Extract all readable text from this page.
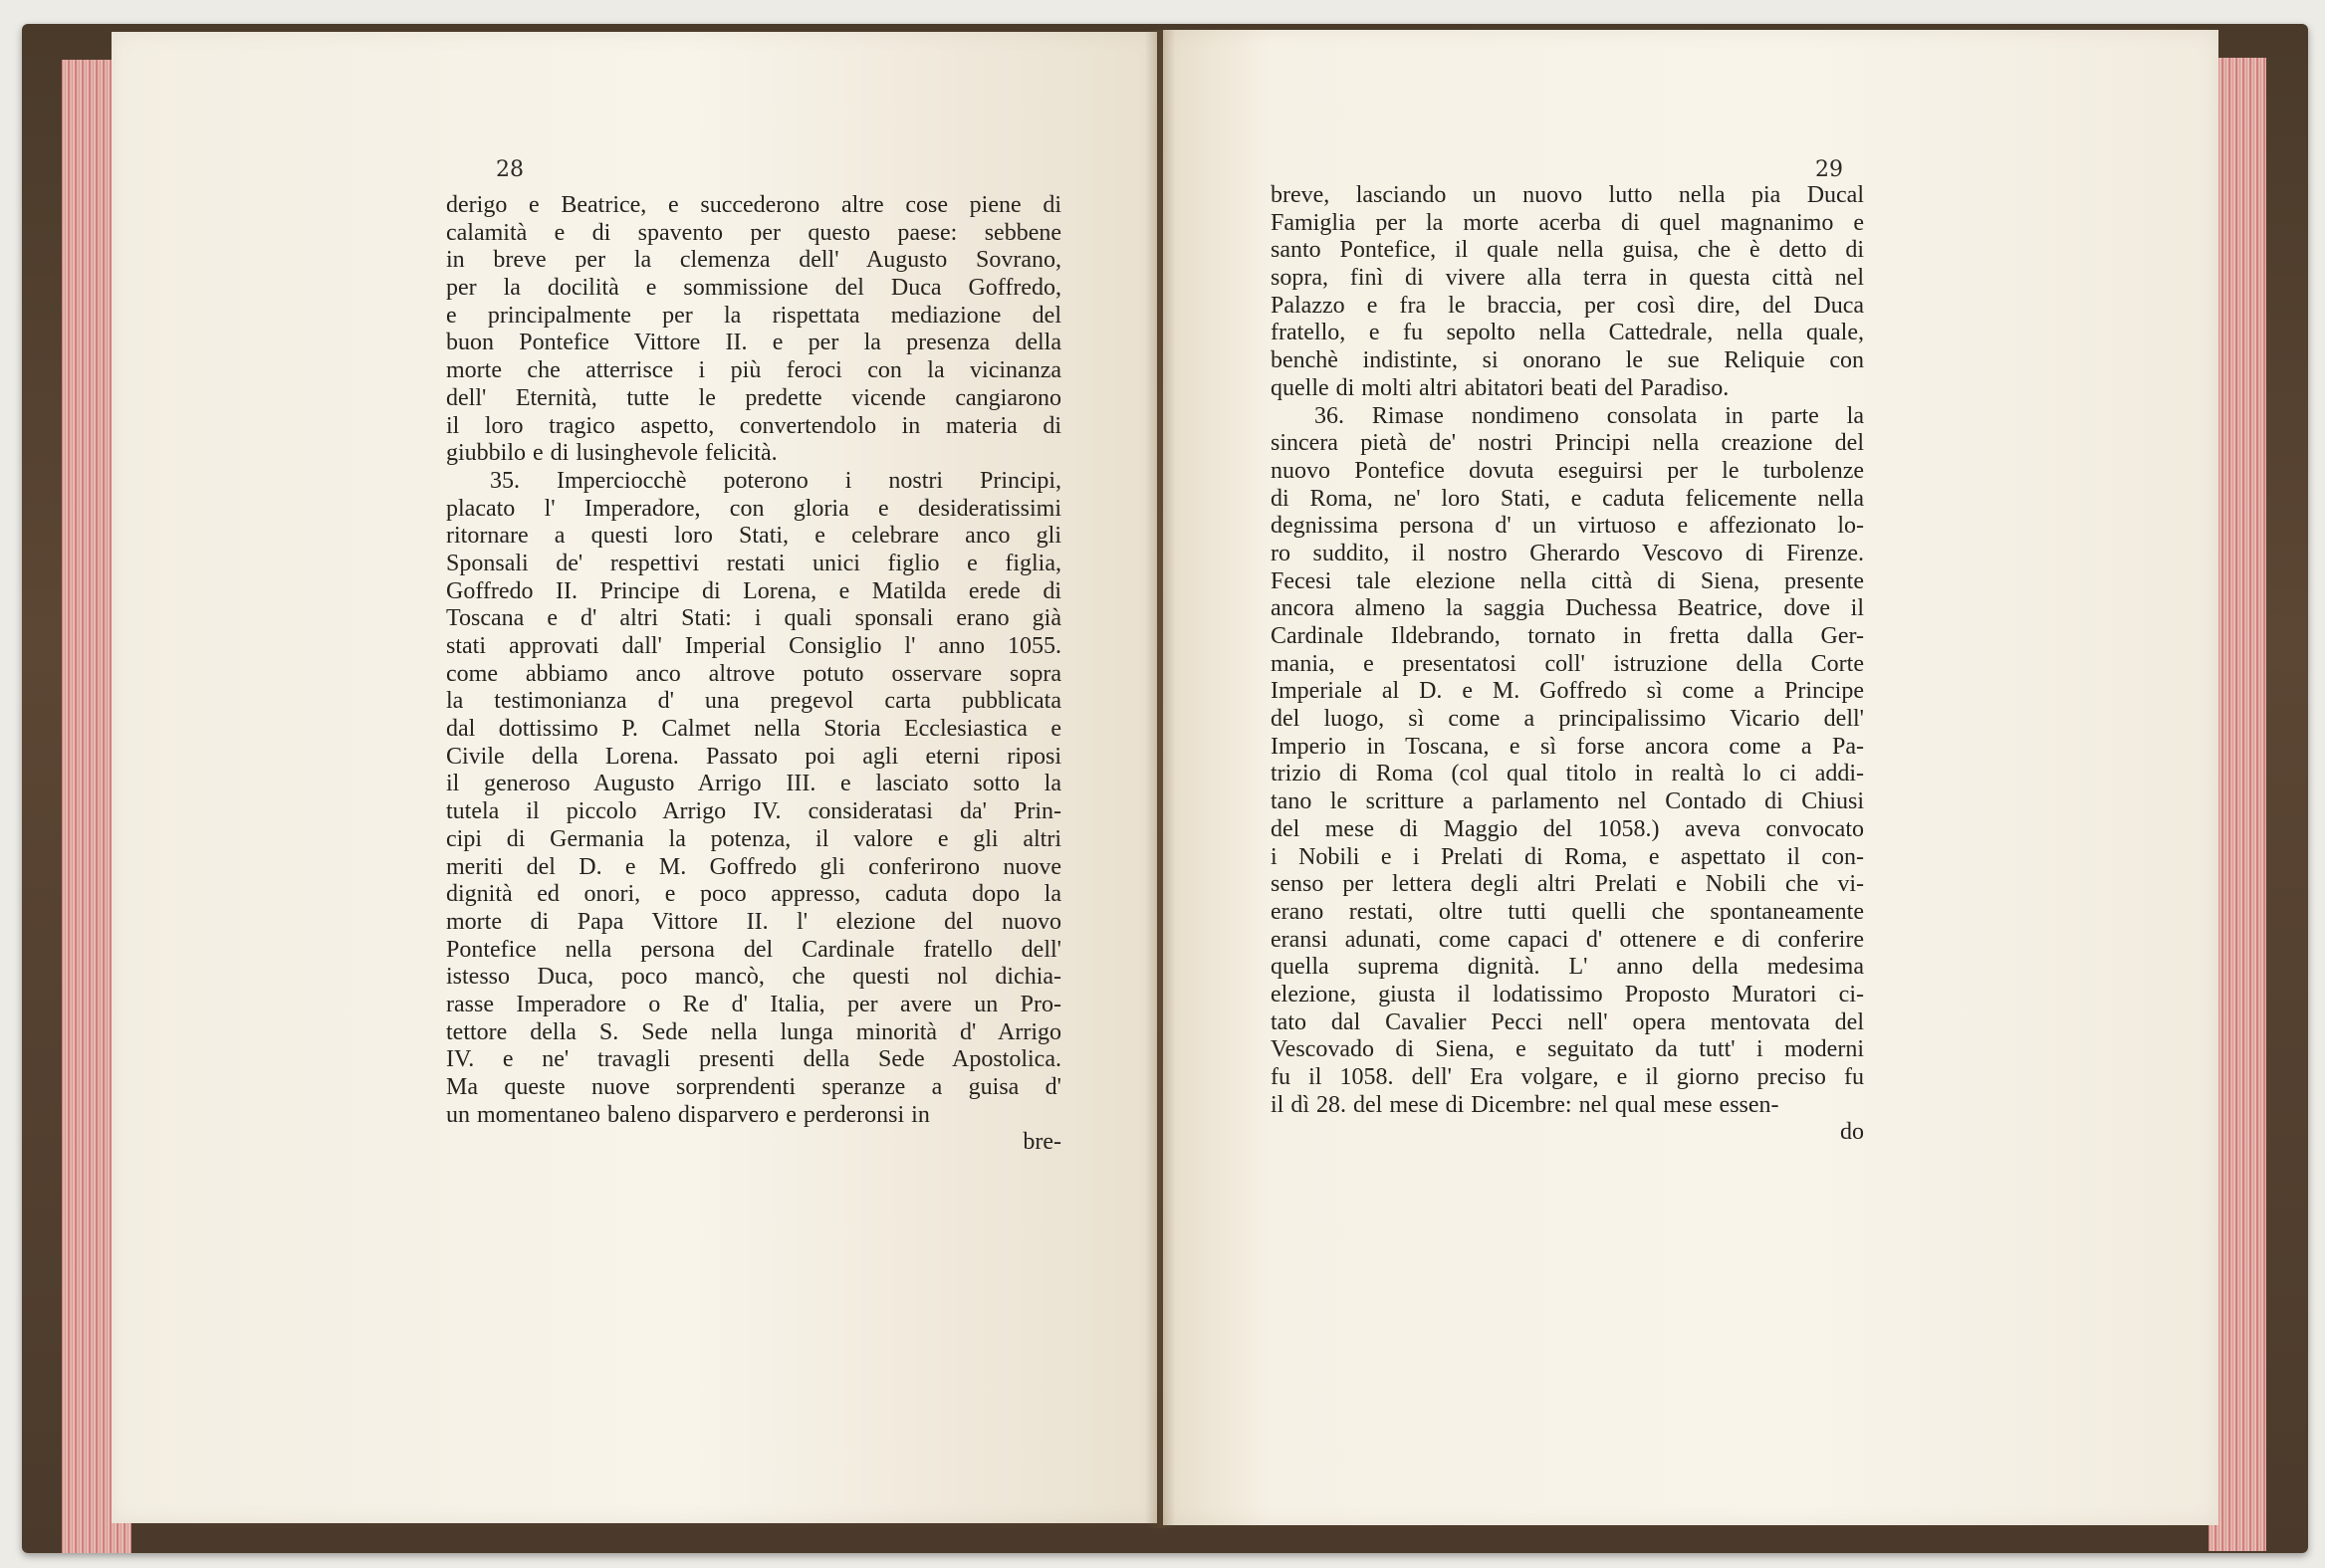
28	29
derigo e Beatrice, e succederono altre cose piene di
calamità e di spavento per questo paese: sebbene
in breve per la clemenza dell' Augusto Sovrano,
per la docilità e sommissione del Duca Goffredo,
e principalmente per la rispettata mediazione del
buon Pontefice Vittore II. e per la presenza della
morte che atterrisce i più feroci con la vicinanza
dell' Eternità, tutte le predette vicende cangiarono
il loro tragico aspetto, convertendolo in materia di
giubbilo e di lusinghevole felicità.
35. Imperciocchè poterono i nostri Principi,
placato l' Imperadore, con gloria e desideratissimi
ritornare a questi loro Stati, e celebrare anco gli
Sponsali de' respettivi restati unici figlio e figlia,
Goffredo II. Principe di Lorena, e Matilda erede di
Toscana e d' altri Stati: i quali sponsali erano già
stati approvati dall' Imperial Consiglio l' anno 1055.
come abbiamo anco altrove potuto osservare sopra
la testimonianza d' una pregevol carta pubblicata
dal dottissimo P. Calmet nella Storia Ecclesiastica e
Civile della Lorena. Passato poi agli eterni riposi
il generoso Augusto Arrigo III. e lasciato sotto la
tutela il piccolo Arrigo IV. consideratasi da' Prin-
cipi di Germania la potenza, il valore e gli altri
meriti del D. e M. Goffredo gli conferirono nuove
dignità ed onori, e poco appresso, caduta dopo la
morte di Papa Vittore II. l' elezione del nuovo
Pontefice nella persona del Cardinale fratello dell'
istesso Duca, poco mancò, che questi nol dichia-
rasse Imperadore o Re d' Italia, per avere un Pro-
tettore della S. Sede nella lunga minorità d' Arrigo
IV. e ne' travagli presenti della Sede Apostolica.
Ma queste nuove sorprendenti speranze a guisa d'
un momentaneo baleno disparvero e perderonsi in
bre-
breve, lasciando un nuovo lutto nella pia Ducal
Famiglia per la morte acerba di quel magnanimo e
santo Pontefice, il quale nella guisa, che è detto di
sopra, finì di vivere alla terra in questa città nel
Palazzo e fra le braccia, per così dire, del Duca
fratello, e fu sepolto nella Cattedrale, nella quale,
benchè indistinte, si onorano le sue Reliquie con
quelle di molti altri abitatori beati del Paradiso.
36. Rimase nondimeno consolata in parte la
sincera pietà de' nostri Principi nella creazione del
nuovo Pontefice dovuta eseguirsi per le turbolenze
di Roma, ne' loro Stati, e caduta felicemente nella
degnissima persona d' un virtuoso e affezionato lo-
ro suddito, il nostro Gherardo Vescovo di Firenze.
Fecesi tale elezione nella città di Siena, presente
ancora almeno la saggia Duchessa Beatrice, dove il
Cardinale Ildebrando, tornato in fretta dalla Ger-
mania, e presentatosi coll' istruzione della Corte
Imperiale al D. e M. Goffredo sì come a Principe
del luogo, sì come a principalissimo Vicario dell'
Imperio in Toscana, e sì forse ancora come a Pa-
trizio di Roma (col qual titolo in realtà lo ci addi-
tano le scritture a parlamento nel Contado di Chiusi
del mese di Maggio del 1058.) aveva convocato
i Nobili e i Prelati di Roma, e aspettato il con-
senso per lettera degli altri Prelati e Nobili che vi-
erano restati, oltre tutti quelli che spontaneamente
eransi adunati, come capaci d' ottenere e di conferire
quella suprema dignità. L' anno della medesima
elezione, giusta il lodatissimo Proposto Muratori ci-
tato dal Cavalier Pecci nell' opera mentovata del
Vescovado di Siena, e seguitato da tutt' i moderni
fu il 1058. dell' Era volgare, e il giorno preciso fu
il dì 28. del mese di Dicembre: nel qual mese essen-
do
